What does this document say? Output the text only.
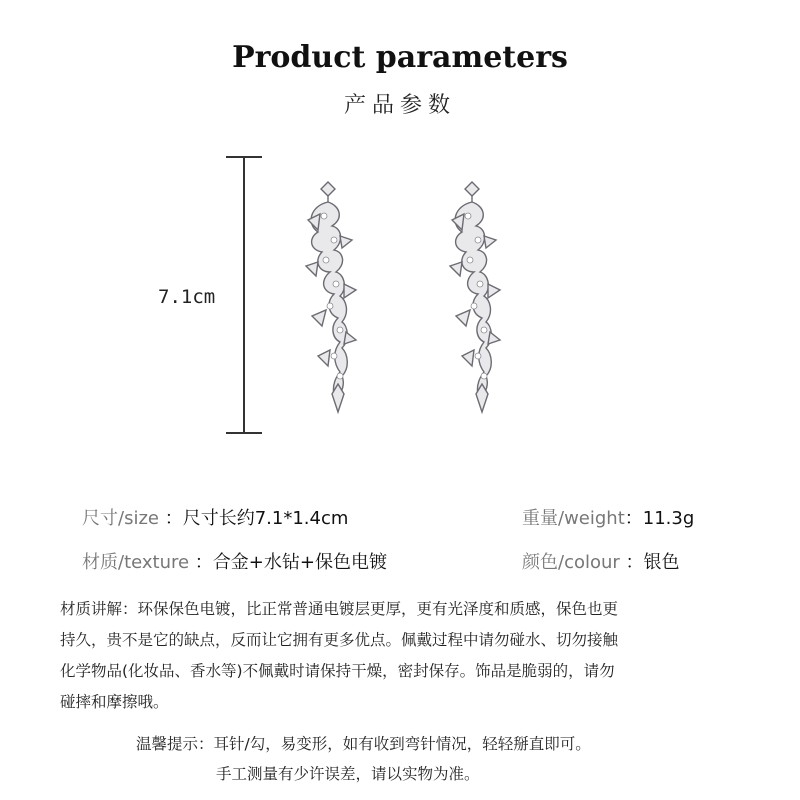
Product parameters
产品参数
7.1cm
尺寸/size ：尺寸长约7.1*1.4cm	重量/weight：11.3g
材质/texture ：合金+水钻+保色电镀	颜色/colour ：银色
材质讲解：环保保色电镀，比正常普通电镀层更厚，更有光泽度和质感，保色也更
持久，贵不是它的缺点，反而让它拥有更多优点。佩戴过程中请勿碰水、切勿接触
化学物品(化妆品、香水等)不佩戴时请保持干燥，密封保存。饰品是脆弱的，请勿
碰摔和摩擦哦。
温馨提示：耳针/勾，易变形，如有收到弯针情况，轻轻掰直即可。
手工测量有少许误差，请以实物为准。
